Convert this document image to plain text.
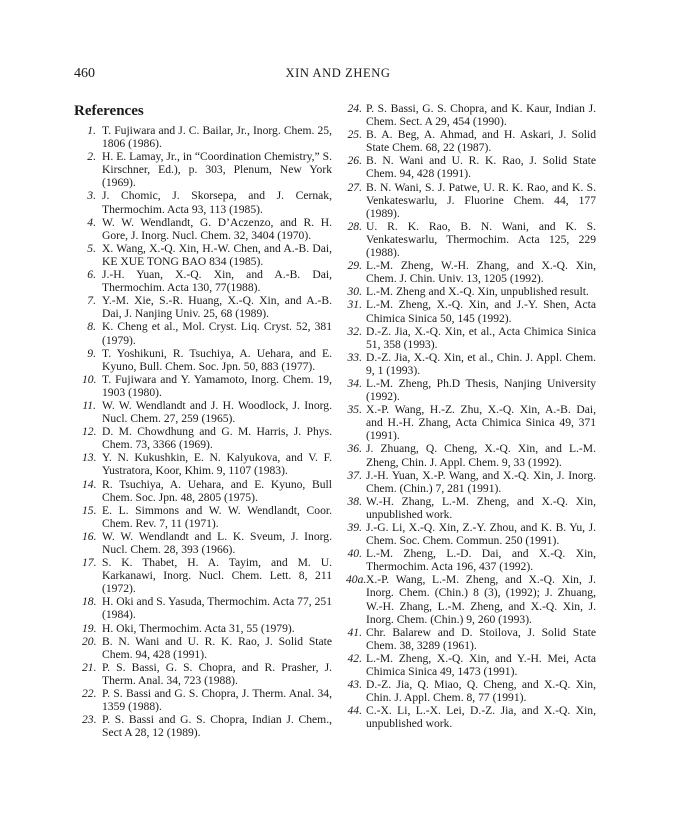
460	XIN AND ZHENG
References

1. T. Fujiwara and J. C. Bailar, Jr., Inorg. Chem. 25, 1806 (1986).

2. H. E. Lamay, Jr., in “Coordination Chemistry,” S. Kirschner, Ed.), p. 303, Plenum, New York (1969).

3. J. Chomic, J. Skorsepa, and J. Cernak, Thermochim. Acta 93, 113 (1985).

4. W. W. Wendlandt, G. D’Aczenzo, and R. H. Gore, J. Inorg. Nucl. Chem. 32, 3404 (1970).

5. X. Wang, X.-Q. Xin, H.-W. Chen, and A.-B. Dai, KE XUE TONG BAO 834 (1985).

6. J.-H. Yuan, X.-Q. Xin, and A.-B. Dai, Thermochim. Acta 130, 77(1988).

7. Y.-M. Xie, S.-R. Huang, X.-Q. Xin, and A.-B. Dai, J. Nanjing Univ. 25, 68 (1989).

8. K. Cheng et al., Mol. Cryst. Liq. Cryst. 52, 381 (1979).

9. T. Yoshikuni, R. Tsuchiya, A. Uehara, and E. Kyuno, Bull. Chem. Soc. Jpn. 50, 883 (1977).

10. T. Fujiwara and Y. Yamamoto, Inorg. Chem. 19, 1903 (1980).

11. W. W. Wendlandt and J. H. Woodlock, J. Inorg. Nucl. Chem. 27, 259 (1965).

12. D. M. Chowdhung and G. M. Harris, J. Phys. Chem. 73, 3366 (1969).

13. Y. N. Kukushkin, E. N. Kalyukova, and V. F. Yustratora, Koor, Khim. 9, 1107 (1983).

14. R. Tsuchiya, A. Uehara, and E. Kyuno, Bull Chem. Soc. Jpn. 48, 2805 (1975).

15. E. L. Simmons and W. W. Wendlandt, Coor. Chem. Rev. 7, 11 (1971).

16. W. W. Wendlandt and L. K. Sveum, J. Inorg. Nucl. Chem. 28, 393 (1966).

17. S. K. Thabet, H. A. Tayim, and M. U. Karkanawi, Inorg. Nucl. Chem. Lett. 8, 211 (1972).

18. H. Oki and S. Yasuda, Thermochim. Acta 77, 251 (1984).

19. H. Oki, Thermochim. Acta 31, 55 (1979).

20. B. N. Wani and U. R. K. Rao, J. Solid State Chem. 94, 428 (1991).

21. P. S. Bassi, G. S. Chopra, and R. Prasher, J. Therm. Anal. 34, 723 (1988).

22. P. S. Bassi and G. S. Chopra, J. Therm. Anal. 34, 1359 (1988).

23. P. S. Bassi and G. S. Chopra, Indian J. Chem., Sect A 28, 12 (1989).

24. P. S. Bassi, G. S. Chopra, and K. Kaur, Indian J. Chem. Sect. A 29, 454 (1990).

25. B. A. Beg, A. Ahmad, and H. Askari, J. Solid State Chem. 68, 22 (1987).

26. B. N. Wani and U. R. K. Rao, J. Solid State Chem. 94, 428 (1991).

27. B. N. Wani, S. J. Patwe, U. R. K. Rao, and K. S. Venkateswarlu, J. Fluorine Chem. 44, 177 (1989).

28. U. R. K. Rao, B. N. Wani, and K. S. Venkateswarlu, Thermochim. Acta 125, 229 (1988).

29. L.-M. Zheng, W.-H. Zhang, and X.-Q. Xin, Chem. J. Chin. Univ. 13, 1205 (1992).

30. L.-M. Zheng and X.-Q. Xin, unpublished result.

31. L.-M. Zheng, X.-Q. Xin, and J.-Y. Shen, Acta Chimica Sinica 50, 145 (1992).

32. D.-Z. Jia, X.-Q. Xin, et al., Acta Chimica Sinica 51, 358 (1993).

33. D.-Z. Jia, X.-Q. Xin, et al., Chin. J. Appl. Chem. 9, 1 (1993).

34. L.-M. Zheng, Ph.D Thesis, Nanjing University (1992).

35. X.-P. Wang, H.-Z. Zhu, X.-Q. Xin, A.-B. Dai, and H.-H. Zhang, Acta Chimica Sinica 49, 371 (1991).

36. J. Zhuang, Q. Cheng, X.-Q. Xin, and L.-M. Zheng, Chin. J. Appl. Chem. 9, 33 (1992).

37. J.-H. Yuan, X.-P. Wang, and X.-Q. Xin, J. Inorg. Chem. (Chin.) 7, 281 (1991).

38. W.-H. Zhang, L.-M. Zheng, and X.-Q. Xin, unpublished work.

39. J.-G. Li, X.-Q. Xin, Z.-Y. Zhou, and K. B. Yu, J. Chem. Soc. Chem. Commun. 250 (1991).

40. L.-M. Zheng, L.-D. Dai, and X.-Q. Xin, Thermochim. Acta 196, 437 (1992).

40a. X.-P. Wang, L.-M. Zheng, and X.-Q. Xin, J. Inorg. Chem. (Chin.) 8 (3), (1992); J. Zhuang, W.-H. Zhang, L.-M. Zheng, and X.-Q. Xin, J. Inorg. Chem. (Chin.) 9, 260 (1993).

41. Chr. Balarew and D. Stoilova, J. Solid State Chem. 38, 3289 (1961).

42. L.-M. Zheng, X.-Q. Xin, and Y.-H. Mei, Acta Chimica Sinica 49, 1473 (1991).

43. D.-Z. Jia, Q. Miao, Q. Cheng, and X.-Q. Xin, Chin. J. Appl. Chem. 8, 77 (1991).

44. C.-X. Li, L.-X. Lei, D.-Z. Jia, and X.-Q. Xin, unpublished work.
